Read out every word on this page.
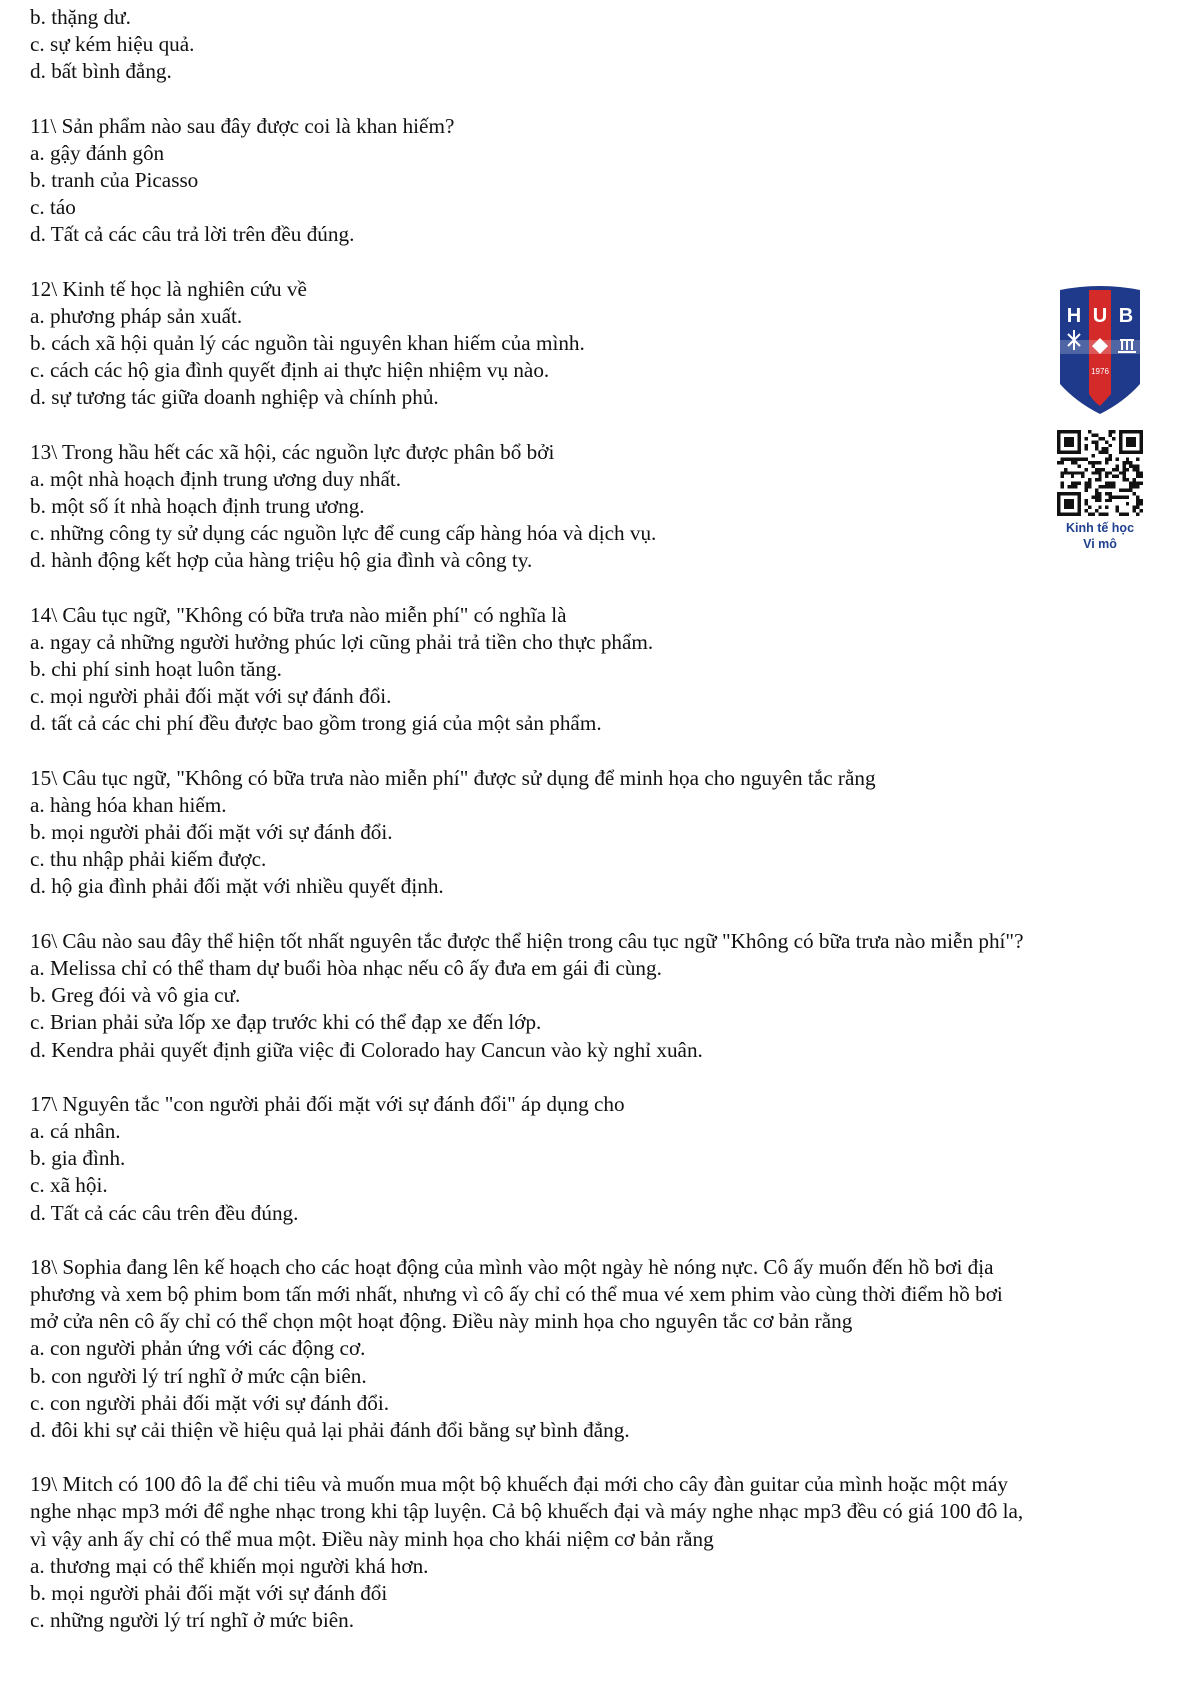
b. thặng dư.
c. sự kém hiệu quả.
d. bất bình đẳng.
11\ Sản phẩm nào sau đây được coi là khan hiếm?
a. gậy đánh gôn
b. tranh của Picasso
c. táo
d. Tất cả các câu trả lời trên đều đúng.
12\ Kinh tế học là nghiên cứu về
a. phương pháp sản xuất.
b. cách xã hội quản lý các nguồn tài nguyên khan hiếm của mình.
c. cách các hộ gia đình quyết định ai thực hiện nhiệm vụ nào.
d. sự tương tác giữa doanh nghiệp và chính phủ.
13\ Trong hầu hết các xã hội, các nguồn lực được phân bổ bởi
a. một nhà hoạch định trung ương duy nhất.
b. một số ít nhà hoạch định trung ương.
c. những công ty sử dụng các nguồn lực để cung cấp hàng hóa và dịch vụ.
d. hành động kết hợp của hàng triệu hộ gia đình và công ty.
14\ Câu tục ngữ, "Không có bữa trưa nào miễn phí" có nghĩa là
a. ngay cả những người hưởng phúc lợi cũng phải trả tiền cho thực phẩm.
b. chi phí sinh hoạt luôn tăng.
c. mọi người phải đối mặt với sự đánh đổi.
d. tất cả các chi phí đều được bao gồm trong giá của một sản phẩm.
15\ Câu tục ngữ, "Không có bữa trưa nào miễn phí" được sử dụng để minh họa cho nguyên tắc rằng
a. hàng hóa khan hiếm.
b. mọi người phải đối mặt với sự đánh đổi.
c. thu nhập phải kiếm được.
d. hộ gia đình phải đối mặt với nhiều quyết định.
16\ Câu nào sau đây thể hiện tốt nhất nguyên tắc được thể hiện trong câu tục ngữ "Không có bữa trưa nào miễn phí"?
a. Melissa chỉ có thể tham dự buổi hòa nhạc nếu cô ấy đưa em gái đi cùng.
b. Greg đói và vô gia cư.
c. Brian phải sửa lốp xe đạp trước khi có thể đạp xe đến lớp.
d. Kendra phải quyết định giữa việc đi Colorado hay Cancun vào kỳ nghỉ xuân.
17\ Nguyên tắc "con người phải đối mặt với sự đánh đổi" áp dụng cho
a. cá nhân.
b. gia đình.
c. xã hội.
d. Tất cả các câu trên đều đúng.
18\ Sophia đang lên kế hoạch cho các hoạt động của mình vào một ngày hè nóng nực. Cô ấy muốn đến hồ bơi địa
phương và xem bộ phim bom tấn mới nhất, nhưng vì cô ấy chỉ có thể mua vé xem phim vào cùng thời điểm hồ bơi
mở cửa nên cô ấy chỉ có thể chọn một hoạt động. Điều này minh họa cho nguyên tắc cơ bản rằng
a. con người phản ứng với các động cơ.
b. con người lý trí nghĩ ở mức cận biên.
c. con người phải đối mặt với sự đánh đổi.
d. đôi khi sự cải thiện về hiệu quả lại phải đánh đổi bằng sự bình đẳng.
19\ Mitch có 100 đô la để chi tiêu và muốn mua một bộ khuếch đại mới cho cây đàn guitar của mình hoặc một máy
nghe nhạc mp3 mới để nghe nhạc trong khi tập luyện. Cả bộ khuếch đại và máy nghe nhạc mp3 đều có giá 100 đô la,
vì vậy anh ấy chỉ có thể mua một. Điều này minh họa cho khái niệm cơ bản rằng
a. thương mại có thể khiến mọi người khá hơn.
b. mọi người phải đối mặt với sự đánh đổi
c. những người lý trí nghĩ ở mức biên.
H U B
1976
Kinh tế học
Vi mô
